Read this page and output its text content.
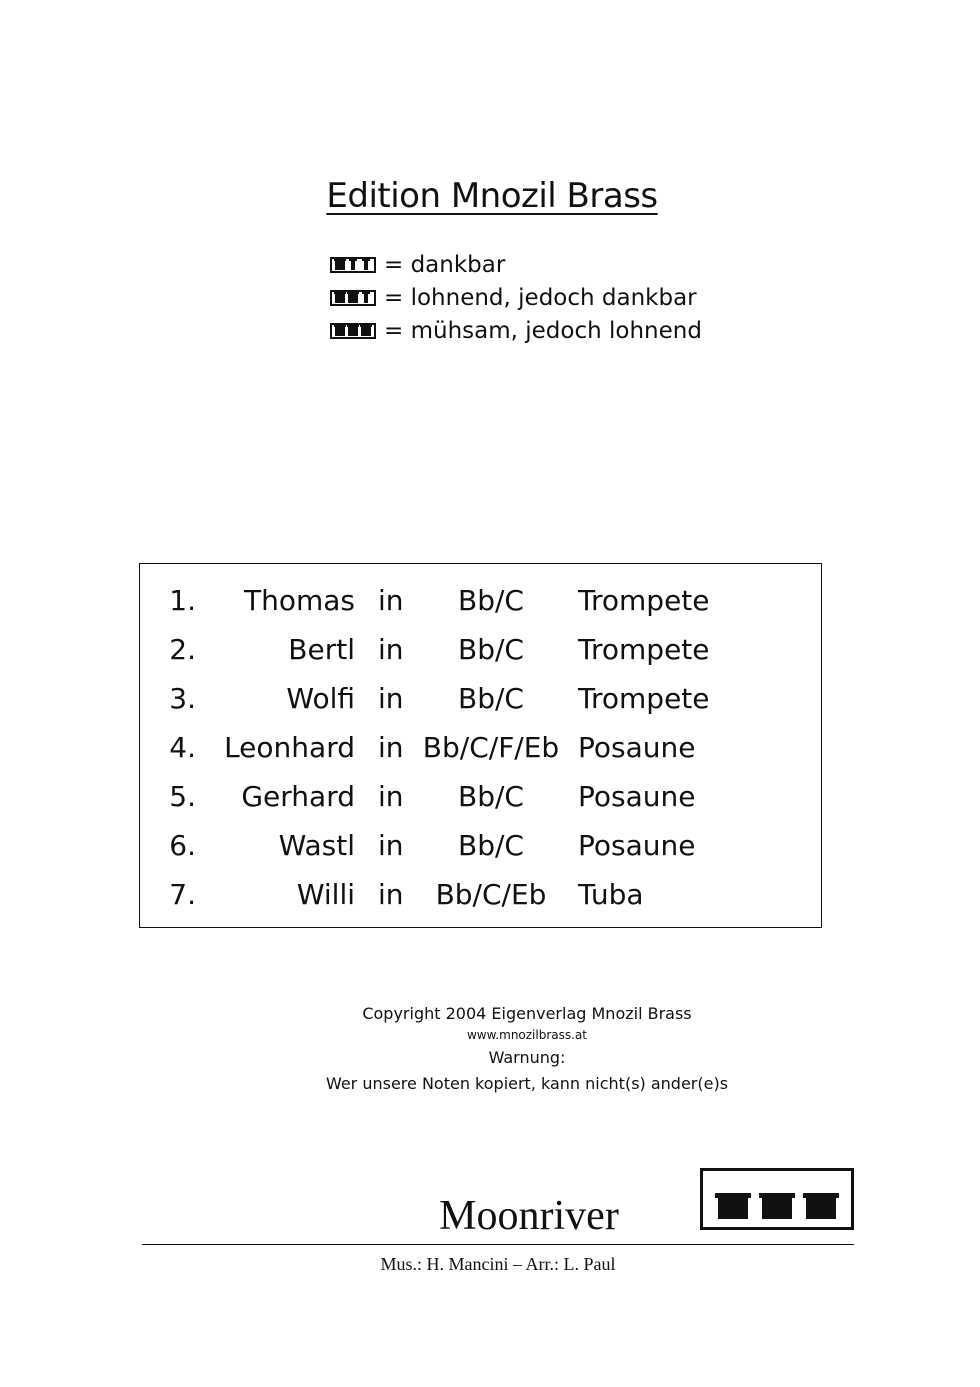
Edition Mnozil Brass
= dankbar
= lohnend, jedoch dankbar
= mühsam, jedoch lohnend
1.	Thomas in	Bb/C	Trompete
2.	Bertl in	Bb/C	Trompete
3.	Wolfi in	Bb/C	Trompete
4.	Leonhard in Bb/C/F/Eb Posaune
5.	Gerhard in	Bb/C	Posaune
6.	Wastl in	Bb/C	Posaune
7.	Willi in	Bb/C/Eb	Tuba
Copyright 2004 Eigenverlag Mnozil Brass
www.mnozilbrass.at
Warnung:
Wer unsere Noten kopiert, kann nicht(s) ander(e)s
Moonriver
Mus.: H. Mancini – Arr.: L. Paul
